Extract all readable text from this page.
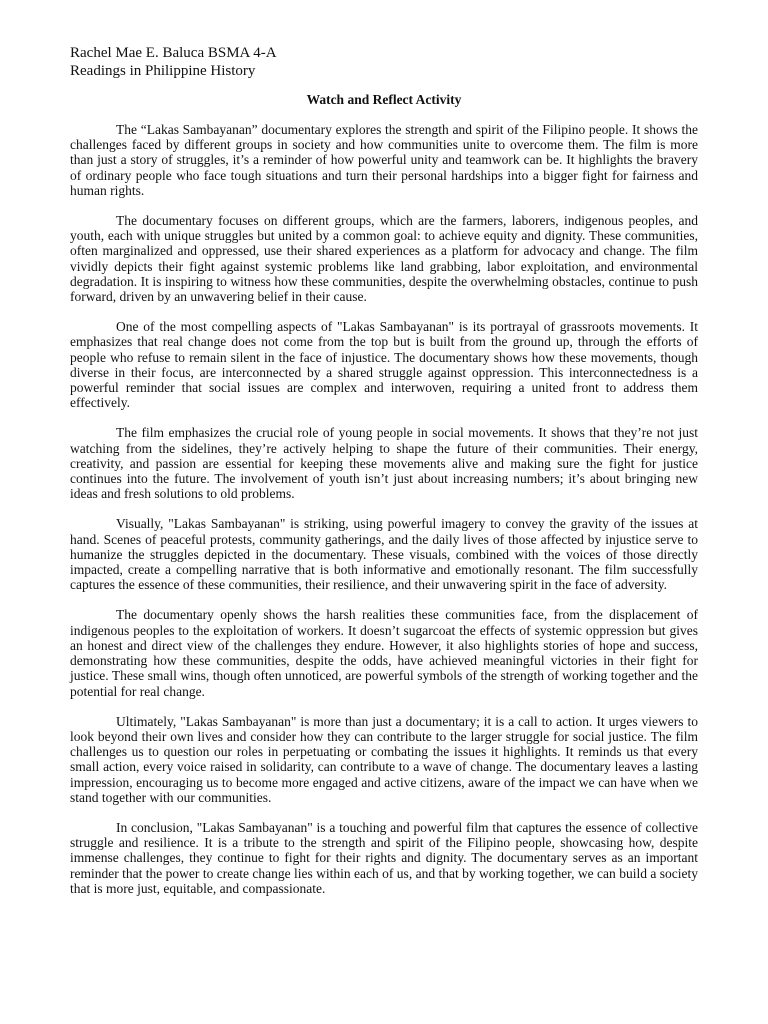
Rachel Mae E. Baluca BSMA 4-A

Readings in Philippine History

Watch and Reflect Activity

The “Lakas Sambayanan” documentary explores the strength and spirit of the Filipino people. It shows the challenges faced by different groups in society and how communities unite to overcome them. The film is more than just a story of struggles, it’s a reminder of how powerful unity and teamwork can be. It highlights the bravery of ordinary people who face tough situations and turn their personal hardships into a bigger fight for fairness and human rights.

The documentary focuses on different groups, which are the farmers, laborers, indigenous peoples, and youth, each with unique struggles but united by a common goal: to achieve equity and dignity. These communities, often marginalized and oppressed, use their shared experiences as a platform for advocacy and change. The film vividly depicts their fight against systemic problems like land grabbing, labor exploitation, and environmental degradation. It is inspiring to witness how these communities, despite the overwhelming obstacles, continue to push forward, driven by an unwavering belief in their cause.

One of the most compelling aspects of "Lakas Sambayanan" is its portrayal of grassroots movements. It emphasizes that real change does not come from the top but is built from the ground up, through the efforts of people who refuse to remain silent in the face of injustice. The documentary shows how these movements, though diverse in their focus, are interconnected by a shared struggle against oppression. This interconnectedness is a powerful reminder that social issues are complex and interwoven, requiring a united front to address them effectively.

The film emphasizes the crucial role of young people in social movements. It shows that they’re not just watching from the sidelines, they’re actively helping to shape the future of their communities. Their energy, creativity, and passion are essential for keeping these movements alive and making sure the fight for justice continues into the future. The involvement of youth isn’t just about increasing numbers; it’s about bringing new ideas and fresh solutions to old problems.

Visually, "Lakas Sambayanan" is striking, using powerful imagery to convey the gravity of the issues at hand. Scenes of peaceful protests, community gatherings, and the daily lives of those affected by injustice serve to humanize the struggles depicted in the documentary. These visuals, combined with the voices of those directly impacted, create a compelling narrative that is both informative and emotionally resonant. The film successfully captures the essence of these communities, their resilience, and their unwavering spirit in the face of adversity.

The documentary openly shows the harsh realities these communities face, from the displacement of indigenous peoples to the exploitation of workers. It doesn’t sugarcoat the effects of systemic oppression but gives an honest and direct view of the challenges they endure. However, it also highlights stories of hope and success, demonstrating how these communities, despite the odds, have achieved meaningful victories in their fight for justice. These small wins, though often unnoticed, are powerful symbols of the strength of working together and the potential for real change.

Ultimately, "Lakas Sambayanan" is more than just a documentary; it is a call to action. It urges viewers to look beyond their own lives and consider how they can contribute to the larger struggle for social justice. The film challenges us to question our roles in perpetuating or combating the issues it highlights. It reminds us that every small action, every voice raised in solidarity, can contribute to a wave of change. The documentary leaves a lasting impression, encouraging us to become more engaged and active citizens, aware of the impact we can have when we stand together with our communities.

In conclusion, "Lakas Sambayanan" is a touching and powerful film that captures the essence of collective struggle and resilience. It is a tribute to the strength and spirit of the Filipino people, showcasing how, despite immense challenges, they continue to fight for their rights and dignity. The documentary serves as an important reminder that the power to create change lies within each of us, and that by working together, we can build a society that is more just, equitable, and compassionate.
